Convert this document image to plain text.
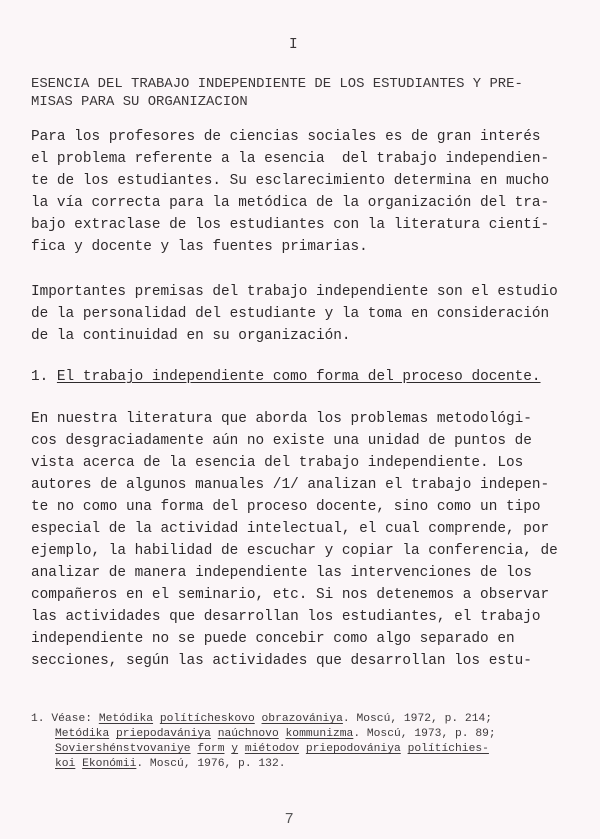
I
ESENCIA DEL TRABAJO INDEPENDIENTE DE LOS ESTUDIANTES Y PRE-
MISAS PARA SU ORGANIZACION
Para los profesores de ciencias sociales es de gran interés
el problema referente a la esencia  del trabajo independien-
te de los estudiantes. Su esclarecimiento determina en mucho
la vía correcta para la metódica de la organización del tra-
bajo extraclase de los estudiantes con la literatura cientí-
fica y docente y las fuentes primarias.
Importantes premisas del trabajo independiente son el estudio
de la personalidad del estudiante y la toma en consideración
de la continuidad en su organización.
1. El trabajo independiente como forma del proceso docente.
En nuestra literatura que aborda los problemas metodológi-
cos desgraciadamente aún no existe una unidad de puntos de
vista acerca de la esencia del trabajo independiente. Los
autores de algunos manuales /1/ analizan el trabajo indepen-
te no como una forma del proceso docente, sino como un tipo
especial de la actividad intelectual, el cual comprende, por
ejemplo, la habilidad de escuchar y copiar la conferencia, de
analizar de manera independiente las intervenciones de los
compañeros en el seminario, etc. Si nos detenemos a observar
las actividades que desarrollan los estudiantes, el trabajo
independiente no se puede concebir como algo separado en
secciones, según las actividades que desarrollan los estu-
1. Véase: Metódika polítícheskovo obrazovániya. Moscú, 1972, p. 214;
Metódika priepodavániya naúchnovo kommunizma. Moscú, 1973, p. 89;
Soviershénstvovaniye form y miétodov priepodovániya polítíchies-
koi Ekonómii. Moscú, 1976, p. 132.
7
